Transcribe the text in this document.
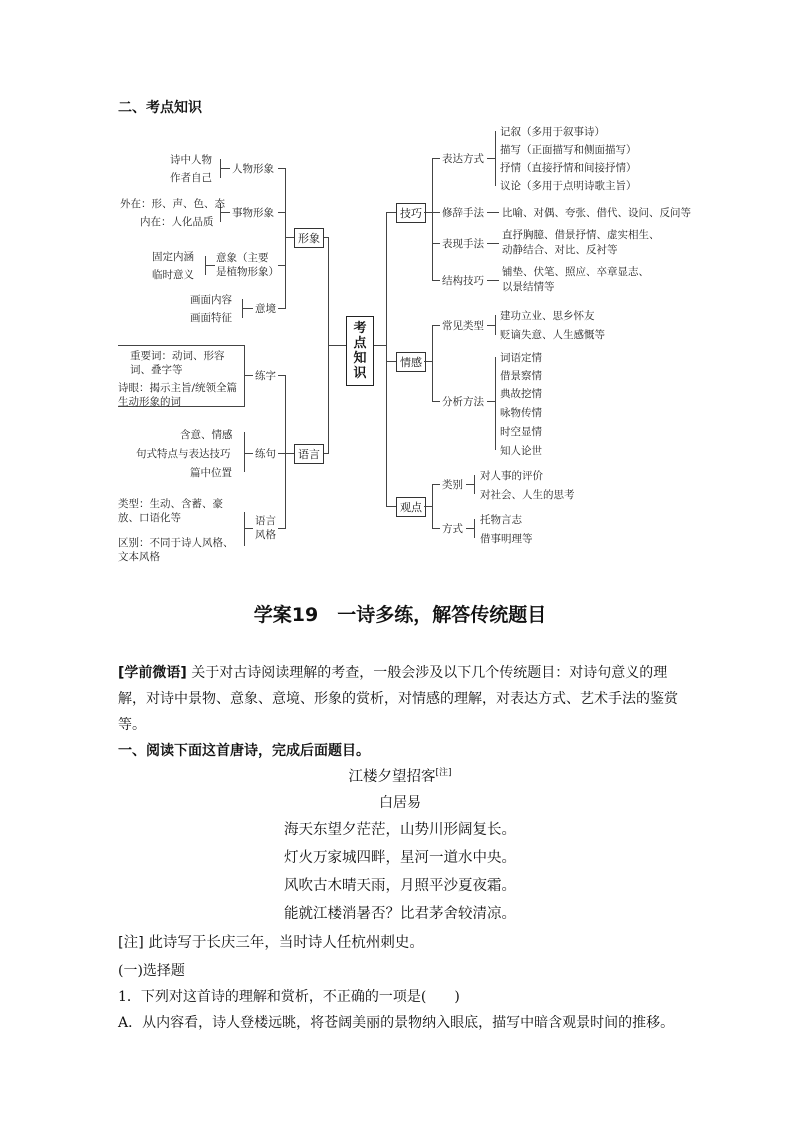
二、考点知识
考点知识
形象
人物形象
诗中人物
作者自己
事物形象
外在：形、声、色、态
内在：人化品质
意象（主要是植物形象）
固定内涵
临时意义
意境
画面内容
画面特征
语言
练字
重要词：动词、形容词、叠字等
诗眼：揭示主旨/统领全篇生动形象的词
练句
含意、情感
句式特点与表达技巧
篇中位置
语言风格
类型：生动、含蓄、豪放、口语化等
区别：不同于诗人风格、文本风格
技巧
表达方式
记叙（多用于叙事诗）
描写（正面描写和侧面描写）
抒情（直接抒情和间接抒情）
议论（多用于点明诗歌主旨）
修辞手法 比喻、对偶、夸张、借代、设问、反问等
表现手法
直抒胸臆、借景抒情、虚实相生、动静结合、对比、反衬等
结构技巧
铺垫、伏笔、照应、卒章显志、以景结情等
情感
常见类型
建功立业、思乡怀友
贬谪失意、人生感慨等
分析方法
词语定情
借景察情
典故挖情
咏物传情
时空显情
知人论世
观点
类别
对人事的评价
对社会、人生的思考
方式
托物言志
借事明理等
学案19　一诗多练，解答传统题目
[学前微语] 关于对古诗阅读理解的考查，一般会涉及以下几个传统题目：对诗句意义的理
解，对诗中景物、意象、意境、形象的赏析，对情感的理解，对表达方式、艺术手法的鉴赏
等。
一、阅读下面这首唐诗，完成后面题目。
江楼夕望招客[注]
白居易
海天东望夕茫茫，山势川形阔复长。
灯火万家城四畔，星河一道水中央。
风吹古木晴天雨，月照平沙夏夜霜。
能就江楼消暑否？比君茅舍较清凉。
[注] 此诗写于长庆三年，当时诗人任杭州刺史。
(一)选择题
1．下列对这首诗的理解和赏析，不正确的一项是(　　)
A．从内容看，诗人登楼远眺，将苍阔美丽的景物纳入眼底，描写中暗含观景时间的推移。
